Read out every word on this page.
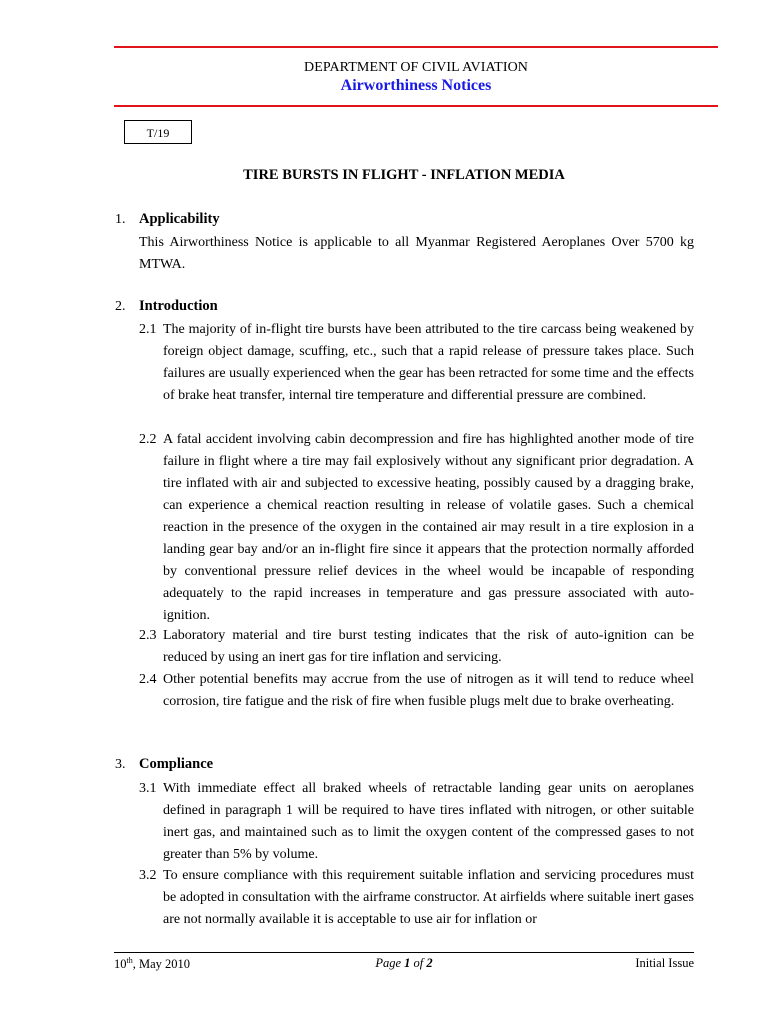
DEPARTMENT OF CIVIL AVIATION
Airworthiness Notices
T/19
TIRE BURSTS IN FLIGHT - INFLATION MEDIA
1. Applicability
This Airworthiness Notice is applicable to all Myanmar Registered Aeroplanes Over 5700 kg MTWA.
2. Introduction
2.1 The majority of in-flight tire bursts have been attributed to the tire carcass being weakened by foreign object damage, scuffing, etc., such that a rapid release of pressure takes place. Such failures are usually experienced when the gear has been retracted for some time and the effects of brake heat transfer, internal tire temperature and differential pressure are combined.
2.2 A fatal accident involving cabin decompression and fire has highlighted another mode of tire failure in flight where a tire may fail explosively without any significant prior degradation. A tire inflated with air and subjected to excessive heating, possibly caused by a dragging brake, can experience a chemical reaction resulting in release of volatile gases. Such a chemical reaction in the presence of the oxygen in the contained air may result in a tire explosion in a landing gear bay and/or an in-flight fire since it appears that the protection normally afforded by conventional pressure relief devices in the wheel would be incapable of responding adequately to the rapid increases in temperature and gas pressure associated with auto-ignition.
2.3 Laboratory material and tire burst testing indicates that the risk of auto-ignition can be reduced by using an inert gas for tire inflation and servicing.
2.4 Other potential benefits may accrue from the use of nitrogen as it will tend to reduce wheel corrosion, tire fatigue and the risk of fire when fusible plugs melt due to brake overheating.
3. Compliance
3.1 With immediate effect all braked wheels of retractable landing gear units on aeroplanes defined in paragraph 1 will be required to have tires inflated with nitrogen, or other suitable inert gas, and maintained such as to limit the oxygen content of the compressed gases to not greater than 5% by volume.
3.2 To ensure compliance with this requirement suitable inflation and servicing procedures must be adopted in consultation with the airframe constructor. At airfields where suitable inert gases are not normally available it is acceptable to use air for inflation or
10th, May 2010	Page 1 of 2	Initial Issue
